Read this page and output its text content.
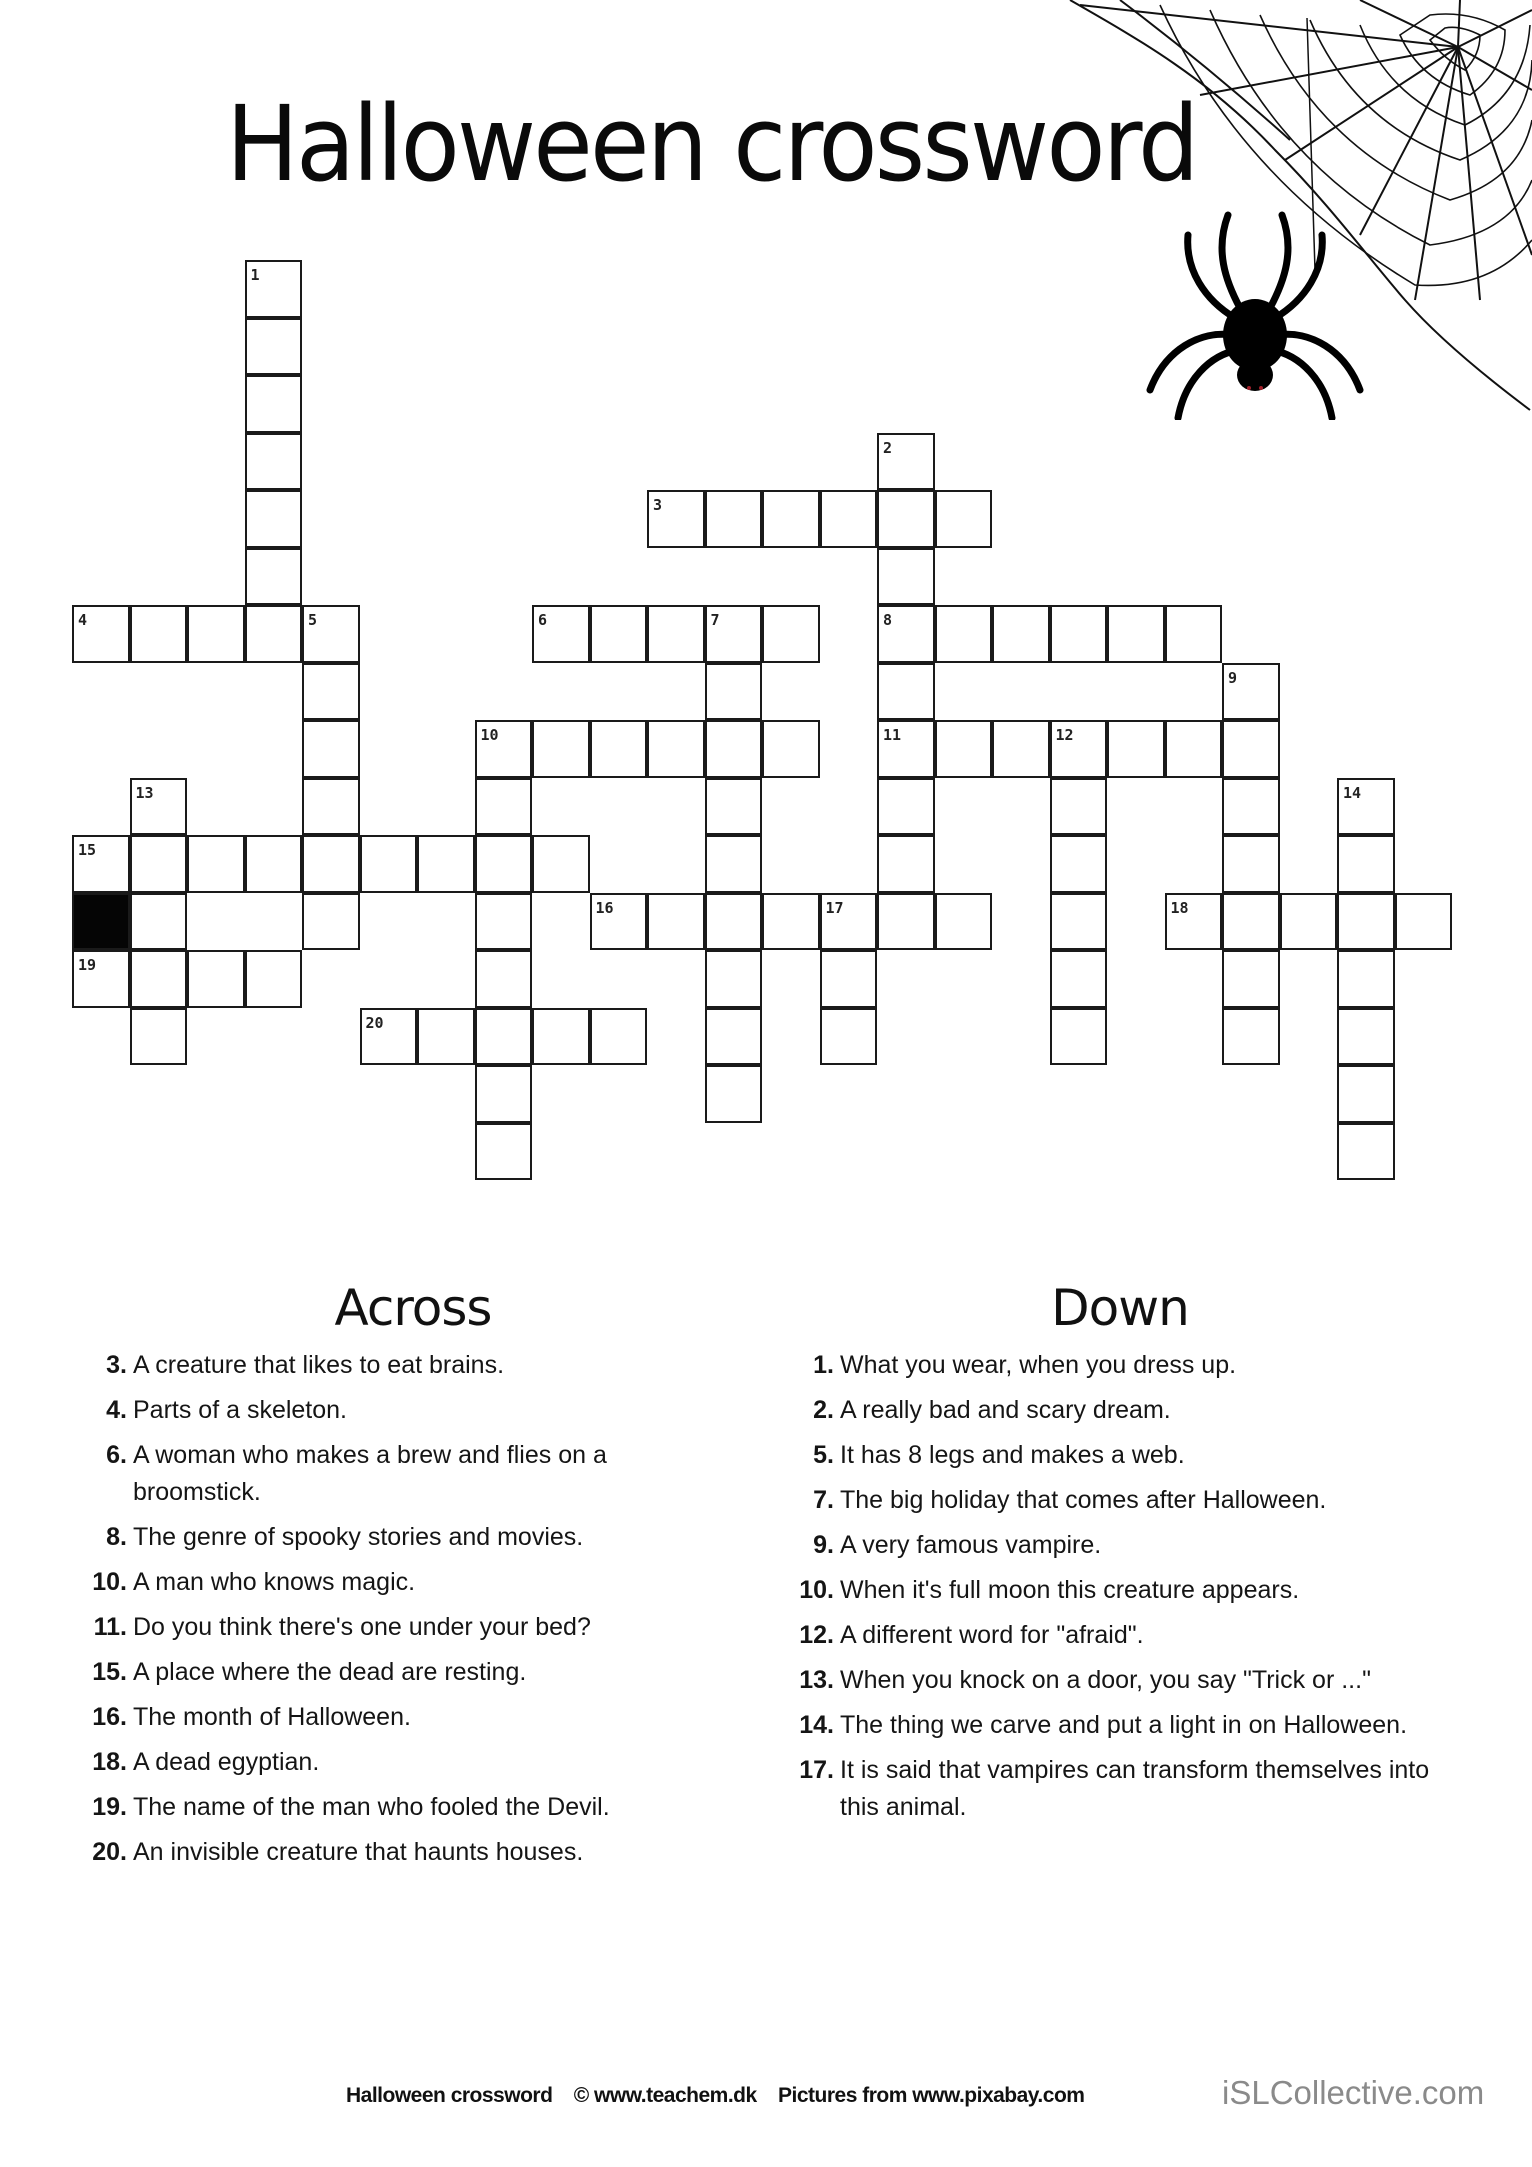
Halloween crossword
1
2
8
11
3
4	5	6	7
9
10	12
13	14
15
16	17	18
19
20
Across	Down
3. A creature that likes to eat brains.
4. Parts of a skeleton.
6. A woman who makes a brew and flies on a broomstick.
8. The genre of spooky stories and movies.
10. A man who knows magic.
11. Do you think there's one under your bed?
15. A place where the dead are resting.
16. The month of Halloween.
18. A dead egyptian.
19. The name of the man who fooled the Devil.
20. An invisible creature that haunts houses.
1. What you wear, when you dress up.
2. A really bad and scary dream.
5. It has 8 legs and makes a web.
7. The big holiday that comes after Halloween.
9. A very famous vampire.
10. When it's full moon this creature appears.
12. A different word for "afraid".
13. When you knock on a door, you say "Trick or ..."
14. The thing we carve and put a light in on Halloween.
17. It is said that vampires can transform themselves into this animal.
Halloween crossword © www.teachem.dk Pictures from www.pixabay.com	iSLCollective.com
